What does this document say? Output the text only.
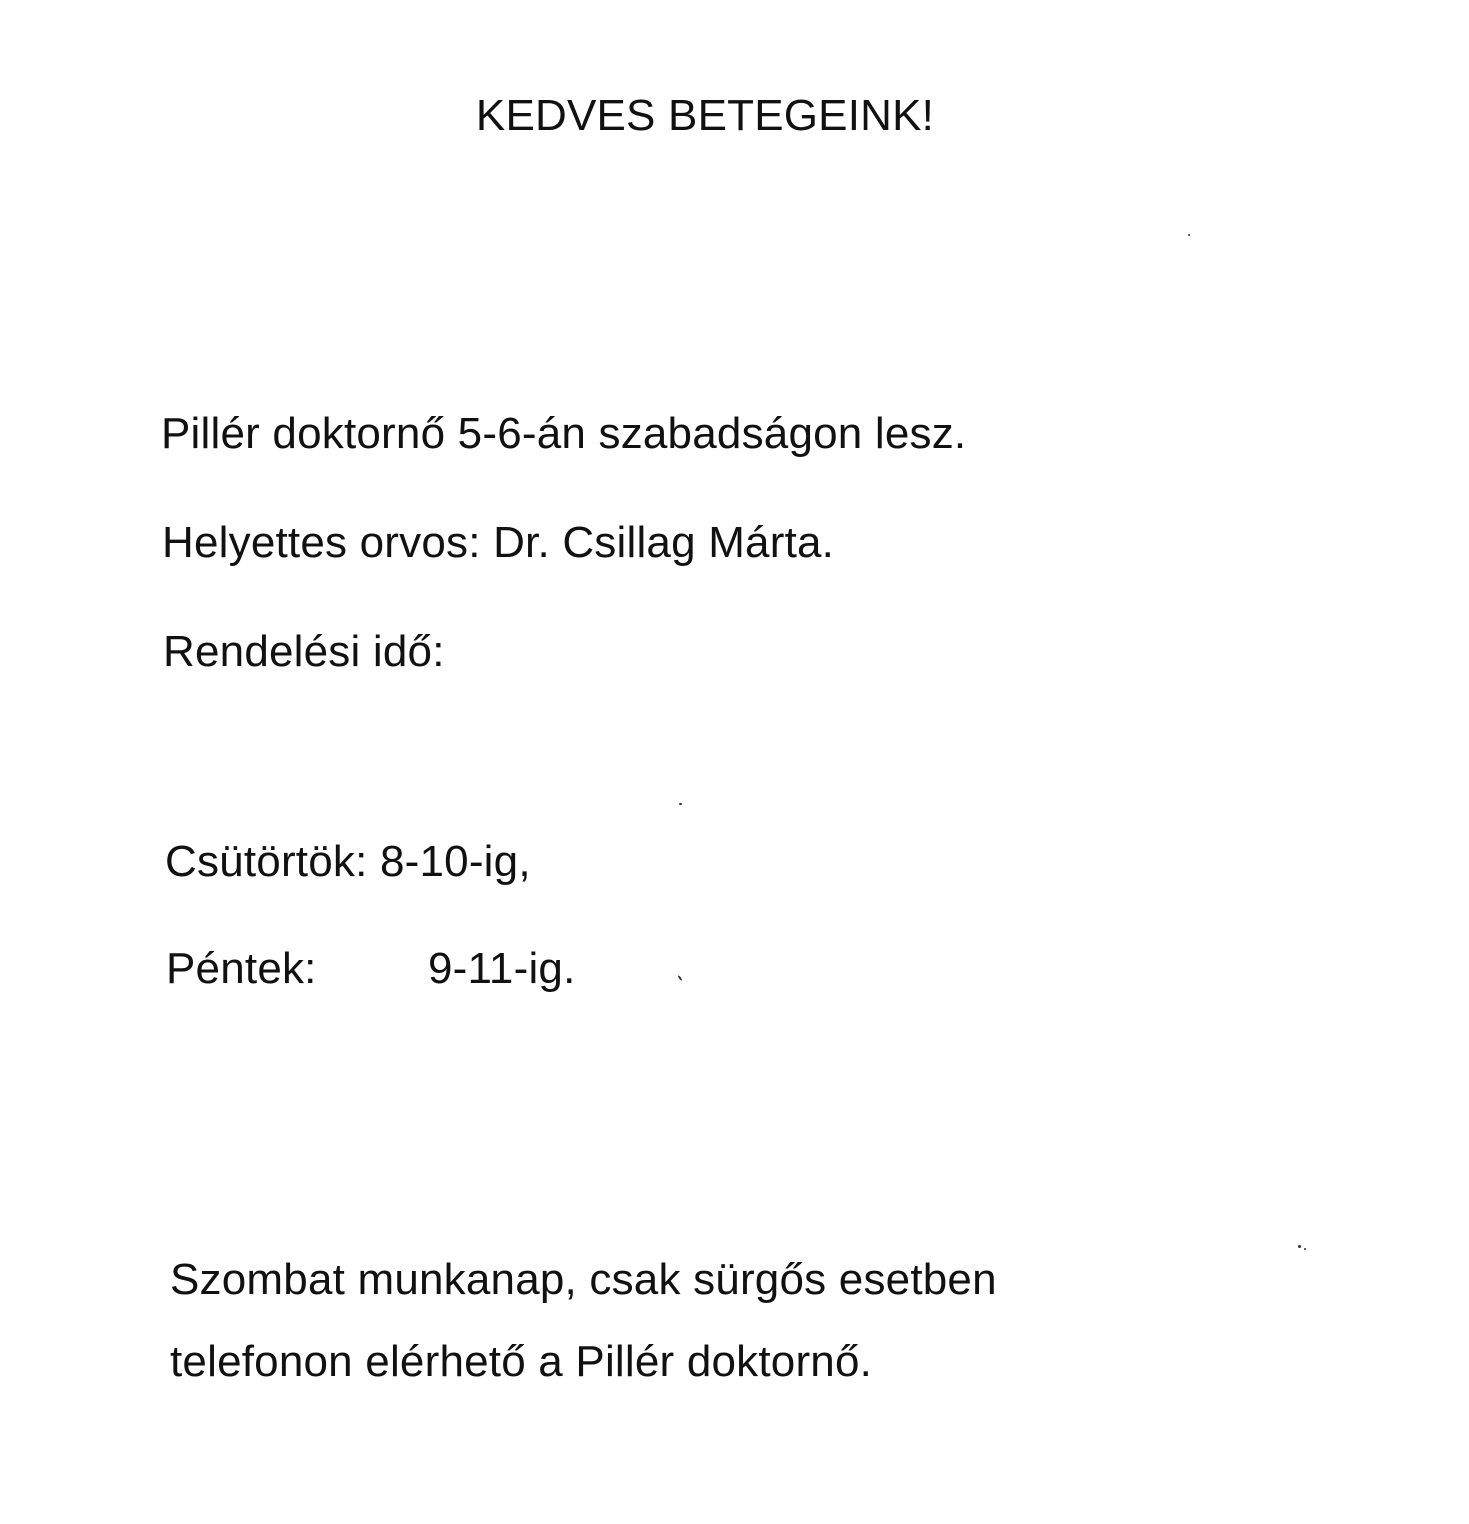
KEDVES BETEGEINK!
Pillér doktornő 5-6-án szabadságon lesz.
Helyettes orvos: Dr. Csillag Márta.
Rendelési idő:
Csütörtök: 8-10-ig,
Péntek:	9-11-ig.
Szombat munkanap, csak sürgős esetben
telefonon elérhető a Pillér doktornő.
